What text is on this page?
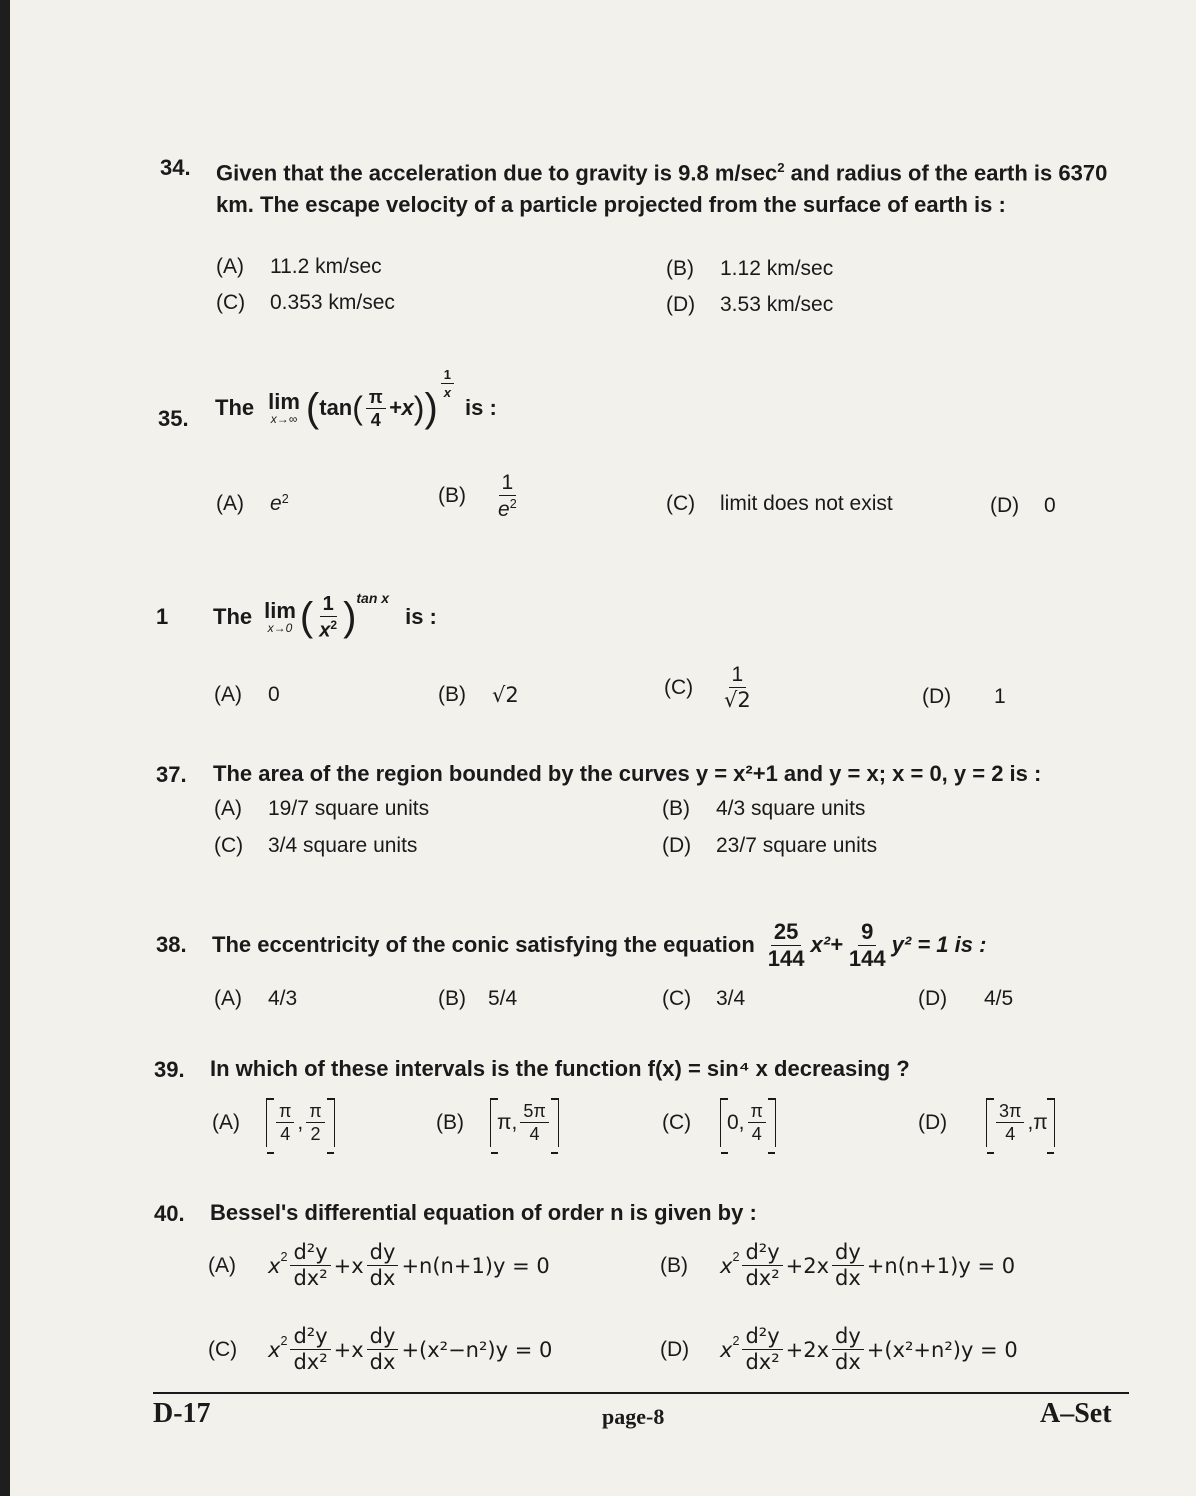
34. Given that the acceleration due to gravity is 9.8 $m/\sec^2$ and radius of the earth is 6370 km. The escape velocity of a particle projected from the surface of earth is :
(A)	11.2 km/sec	(B)	1.12 km/sec
(C)	0.353 km/sec	(D)	3.53 km/sec
35. The lim
x→∞ ( tan ( $\frac{\pi}{4} +x$ ) )
$\frac{1}{x}$
is :
(A)	$e^2$	(B)	$\frac{1}{e^2}$	(C)	limit does not exist	(D)	0
1 The lim
x→0 ( $\frac{1}{x^2}$ ) tan x
is :
(A)	0	(B)	√2	(C)	$\frac{1}{√2}$	(D)	1
37. The area of the region bounded by the curves y = x²+1 and y = x; x = 0, y = 2 is :
(A)	19/7 square units	(B)	4/3 square units
(C)	3/4 square units	(D)	23/7 square units
38. The eccentricity of the conic satisfying the equation $\frac{25}{144} x^2+ \frac{9}{144} y^2 = 1$ is :
(A)	4/3	(B)	5/4	(C)	3/4	(D)	4/5
39. In which of these intervals is the function f(x) = sin⁴ x decreasing ?
(A)	$\frac{\pi}{4}$ , $\frac{\pi}{2}$	(B)	π, $\frac{5\pi}{4}$	(C)	0, $\frac{\pi}{4}$	(D)	$\frac{3\pi}{4} ,\pi$
40. Bessel's differential equation of order n is given by :
(A)	$x^2 \frac{\text{d²y}}{\text{dx²}} +x \frac{dy}{dx} +n(n+1)y = 0$	(B)	$x^2 \frac{\text{d²y}}{\text{dx²}} +2x \frac{dy}{dx} +n(n+1)y = 0$
(C)	$x^2 \frac{\text{d²y}}{\text{dx²}} +x \frac{dy}{dx} +(x^2-n^2)y = 0$	(D)	$x^2 \frac{\text{d²y}}{\text{dx²}} +2x \frac{dy}{dx} +(x^2+n^2)y = 0$
D-17	page-8	A–Set
